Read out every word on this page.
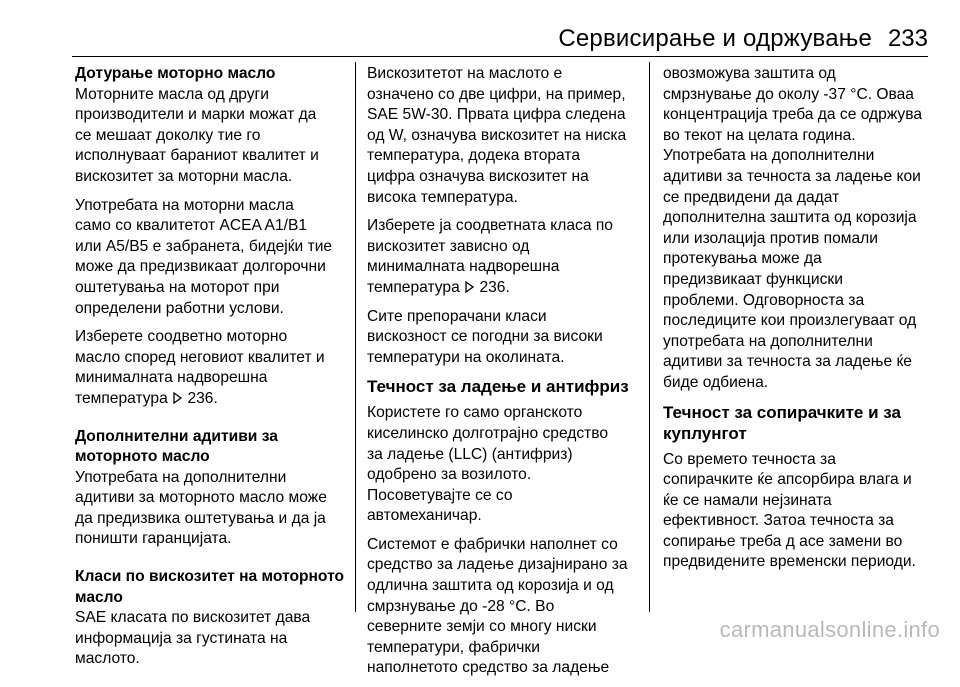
Сервисирање и одржување 233
Дотурање моторно масло
Моторните масла од други
производители и марки можат да
се мешаат доколку тие го
исполнуваат бараниот квалитет и
вискозитет за моторни масла.
Употребата на моторни масла
само со квалитетот ACEA A1/B1
или A5/B5 е забранета, бидејќи тие
може да предизвикаат долгорочни
оштетувања на моторот при
определени работни услови.
Изберете соодветно моторно
масло според неговиот квалитет и
минималната надворешна
температура 236.
Дополнителни адитиви за
моторното масло
Употребата на дополнителни
адитиви за моторното масло може
да предизвика оштетувања и да ја
поништи гаранцијата.
Класи по вискозитет на моторното
масло
SAE класата по вискозитет дава
информација за густината на
маслото.
Вискозитетот на маслото е
означено со две цифри, на пример,
SAE 5W-30. Првата цифра следена
од W, означува вискозитет на ниска
температура, додека втората
цифра означува вискозитет на
висока температура.
Изберете ја соодветната класа по
вискозитет зависно од
минималната надворешна
температура 236.
Сите препорачани класи
вискозност се погодни за високи
температури на околината.
Течност за ладење и антифриз
Користете го само органското
киселинско долготрајно средство
за ладење (LLC) (антифриз)
одобрено за возилото.
Посоветувајте се со
автомеханичар.
Системот е фабрички наполнет со
средство за ладење дизајнирано за
одлична заштита од корозија и од
смрзнување до -28 °C. Во
северните земји со многу ниски
температури, фабрички
наполнетото средство за ладење
овозможува заштита од
смрзнување до околу -37 °C. Оваа
концентрација треба да се одржува
во текот на целата година.
Употребата на дополнителни
адитиви за течноста за ладење кои
се предвидени да дадат
дополнителна заштита од корозија
или изолација против помали
протекувања може да
предизвикаат функциски
проблеми. Одговорноста за
последиците кои произлегуваат од
употребата на дополнителни
адитиви за течноста за ладење ќе
биде одбиена.
Течност за сопирачките и за
куплунгот
Со времето течноста за
сопирачките ќе апсорбира влага и
ќе се намали нејзината
ефективност. Затоа течноста за
сопирање треба д асе замени во
предвидените временски периоди.
carmanualsonline.info
